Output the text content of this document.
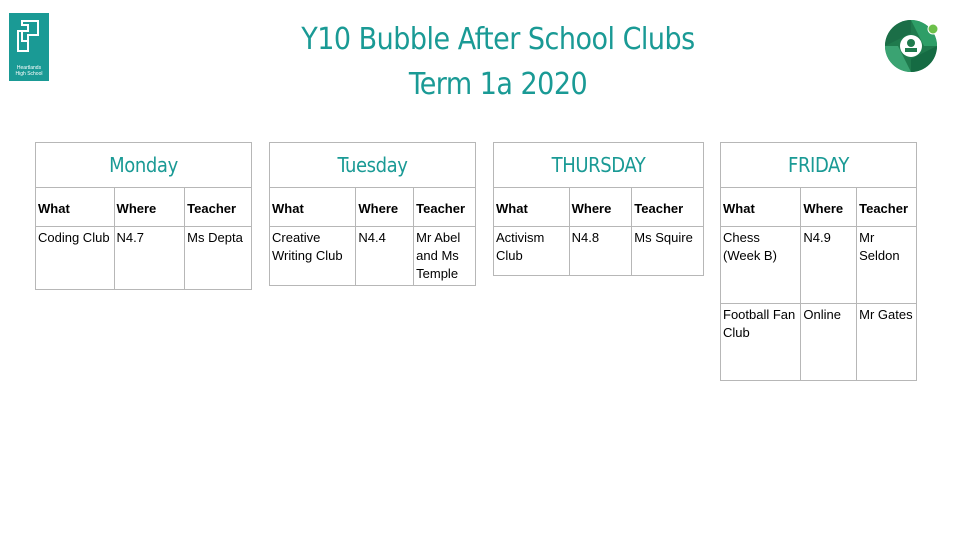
Heartlands
High School
Y10 Bubble After School Clubs
Term 1a 2020
Monday		
What	Where	Teacher
Coding Club	N4.7	Ms Depta
Tuesday		
What	Where	Teacher
Creative Writing Club	N4.4	Mr Abel and Ms Temple
THURSDAY		
What	Where	Teacher
Activism Club	N4.8	Ms Squire
FRIDAY		
What	Where	Teacher
Chess (Week B)	N4.9	Mr Seldon
Football Fan Club	Online	Mr Gates
